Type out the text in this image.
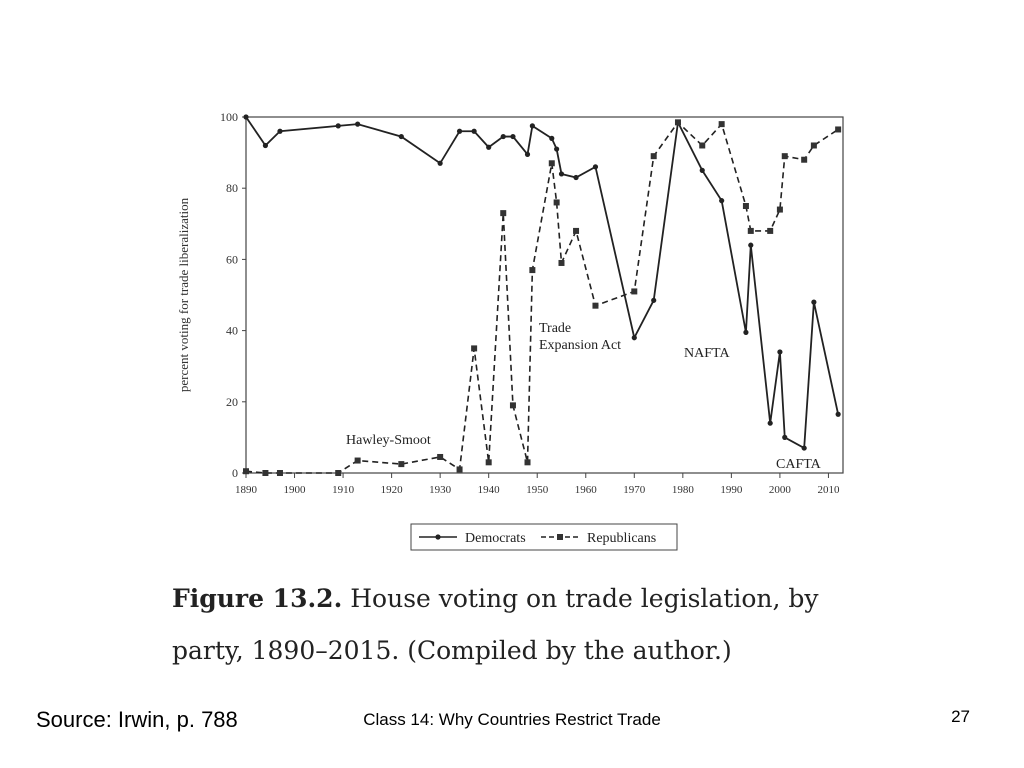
1890 1900 1910 1920 1930 1940 1950 1960 1970 1980 1990 2000 2010
0
20
40
60
80
100
Hawley-Smoot
Trade Expansion Act
NAFTA
CAFTA
percent voting for trade liberalization
Democrats	Republicans
Figure 13.2. House voting on trade legislation, by party, 1890–2015. (Compiled by the author.)
Source: Irwin, p. 788	Class 14: Why Countries Restrict Trade	27
